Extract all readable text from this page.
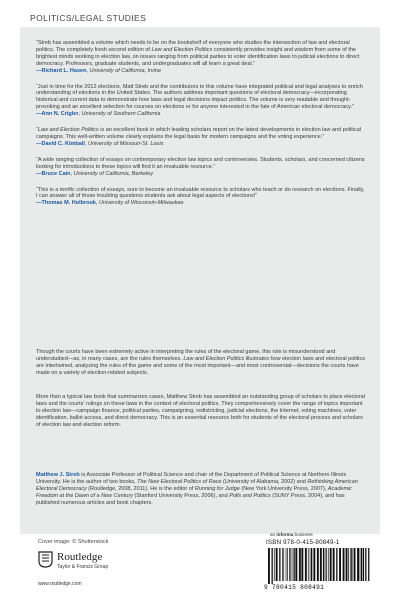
POLITICS/LEGAL STUDIES

“Streb has assembled a volume which needs to be on the bookshelf of everyone who studies the intersection of law and electoral politics. The completely fresh second edition of Law and Election Politics consistently provides insight and wisdom from some of the brightest minds working in election law, on issues ranging from political parties to voter identification laws to judicial elections to direct democracy. Professors, graduate students, and undergraduates will all learn a great deal.”

—Richard L. Hasen, University of California, Irvine

“Just in time for the 2012 elections, Matt Streb and the contributors to this volume have integrated political and legal analyses to enrich understanding of elections in the United States. The authors address important questions of electoral democracy—incorporating historical and current data to demonstrate how laws and legal decisions impact politics. The volume is very readable and thought-provoking and an excellent selection for courses on elections or for anyone interested in the fate of American electoral democracy.”

—Ann N. Crigler, University of Southern California

“Law and Election Politics is an excellent book in which leading scholars report on the latest developments in election law and political campaigns. This well-written volume clearly explains the legal basis for modern campaigns and the voting experience.”

—David C. Kimball, University of Missouri-St. Louis

“A wide ranging collection of essays on contemporary election law topics and controversies. Students, scholars, and concerned citizens looking for introductions to these topics will find it an invaluable resource.”

—Bruce Cain, University of California, Berkeley

“This is a terrific collection of essays, sure to become an invaluable resource to scholars who teach or do research on elections. Finally, I can answer all of those troubling questions students ask about legal aspects of elections!”

—Thomas M. Holbrook, University of Wisconsin-Milwaukee

Though the courts have been extremely active in interpreting the rules of the electoral game, this role is misunderstood and understudied—as, in many cases, are the rules themselves. Law and Election Politics illustrates how election laws and electoral politics are intertwined, analyzing the rules of the game and some of the most important—and most controversial—decisions the courts have made on a variety of election-related subjects.

More than a typical law book that summarizes cases, Matthew Streb has assembled an outstanding group of scholars to place electoral laws and the courts’ rulings on these laws in the context of electoral politics. They comprehensively cover the range of topics important to election law—campaign finance, political parties, campaigning, redistricting, judicial elections, the Internet, voting machines, voter identification, ballot access, and direct democracy. This is an essential resource both for students of the electoral process and scholars of election law and election reform.

Matthew J. Streb is Associate Professor of Political Science and chair of the Department of Political Science at Northern Illinois University. He is the author of two books, The New Electoral Politics of Race (University of Alabama, 2002) and Rethinking American Electoral Democracy (Routledge, 2008, 2011). He is the editor of Running for Judge (New York University Press, 2007), Academic Freedom at the Dawn of a New Century (Stanford University Press, 2006), and Polls and Politics (SUNY Press, 2004), and has published numerous articles and book chapters.

Cover image: © Shutterstock
Routledge
Taylor & Francis Group
www.routledge.com
an informa business
ISBN 978-0-415-80849-1
9 780415 808491
